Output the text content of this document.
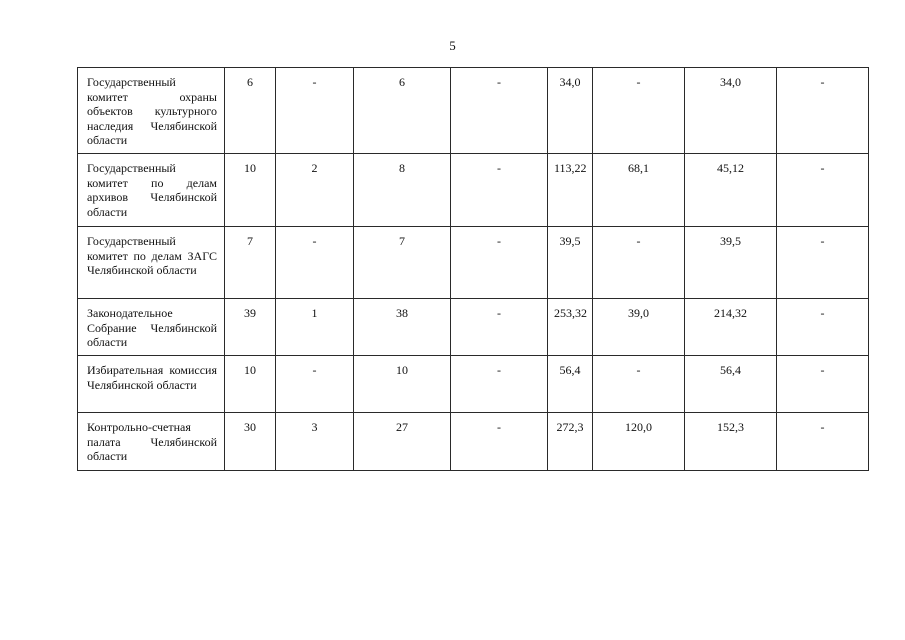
5
Государственный комитет охраны объектов культурного наследия Челябинской области	6	-	6	-	34,0	-	34,0	-
Государственный комитет по делам архивов Челябинской области	10	2	8	-	113,22	68,1	45,12	-
Государственный комитет по делам ЗАГС Челябинской области	7	-	7	-	39,5	-	39,5	-
Законодательное Собрание Челябинской области	39	1	38	-	253,32	39,0	214,32	-
Избирательная комиссия Челябинской области	10	-	10	-	56,4	-	56,4	-
Контрольно-счетная палата Челябинской области	30	3	27	-	272,3	120,0	152,3	-
